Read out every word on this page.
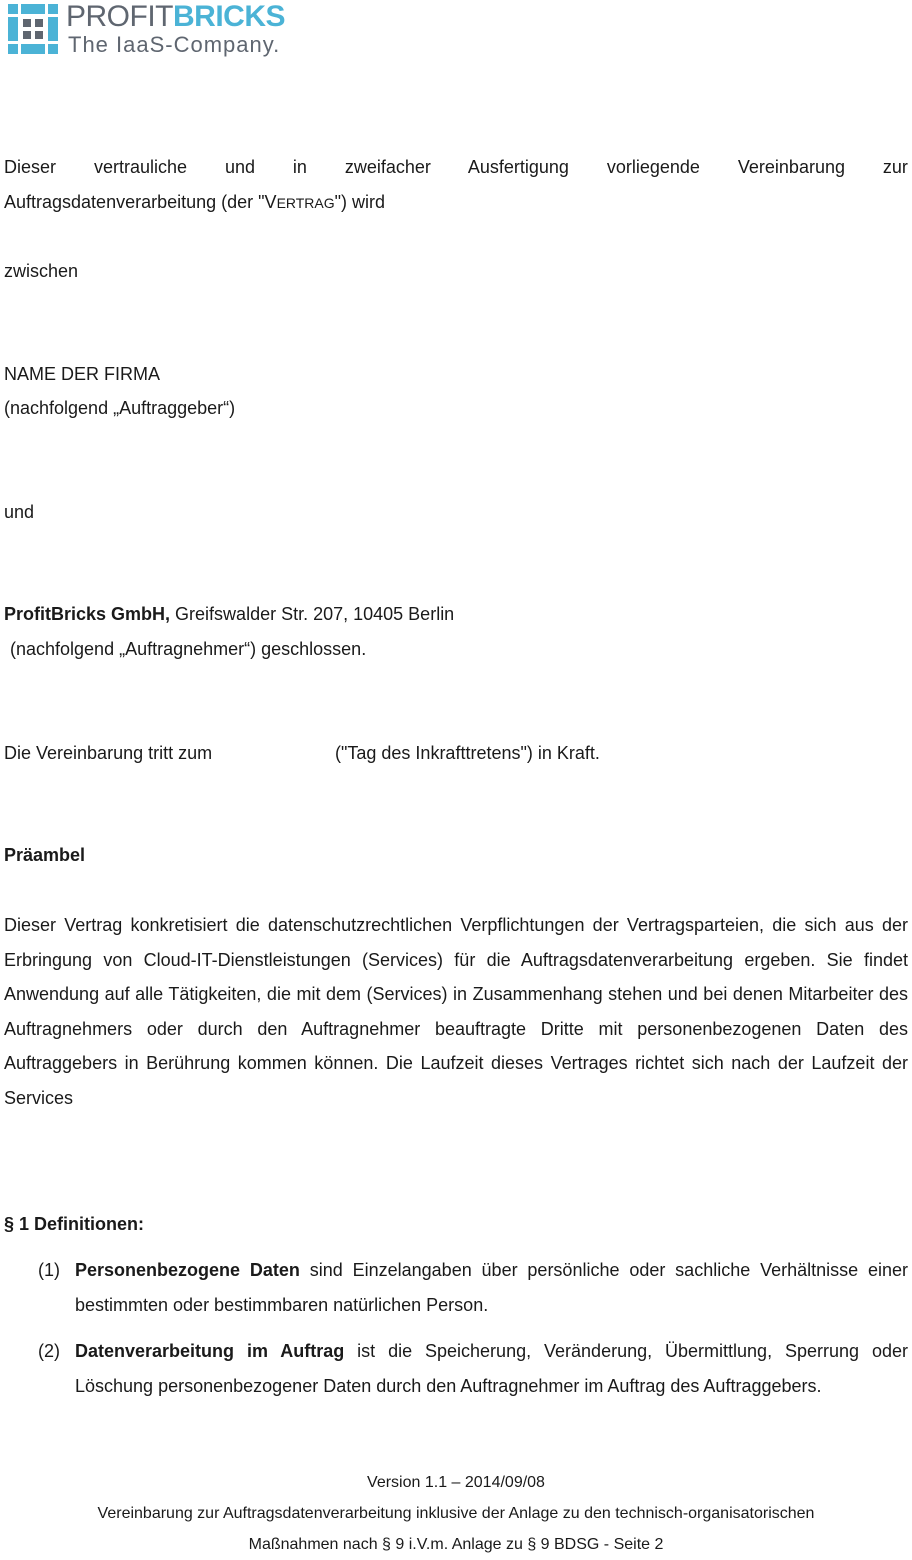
PROFITBRICKS
The IaaS-Company.
Dieser vertrauliche und in zweifacher Ausfertigung vorliegende Vereinbarung zur
Auftragsdatenverarbeitung (der "VERTRAG") wird
zwischen
NAME DER FIRMA
(nachfolgend „Auftraggeber“)
und
ProfitBricks GmbH, Greifswalder Str. 207, 10405 Berlin
(nachfolgend „Auftragnehmer“) geschlossen.
Die Vereinbarung tritt zum	("Tag des Inkrafttretens") in Kraft.
Präambel

Dieser Vertrag konkretisiert die datenschutzrechtlichen Verpflichtungen der Vertragsparteien, die sich aus der Erbringung von Cloud-IT-Dienstleistungen (Services) für die Auftragsdatenverarbeitung ergeben. Sie findet Anwendung auf alle Tätigkeiten, die mit dem (Services) in Zusammenhang stehen und bei denen Mitarbeiter des Auftragnehmers oder durch den Auftragnehmer beauftragte Dritte mit personenbezogenen Daten des Auftraggebers in Berührung kommen können. Die Laufzeit dieses Vertrages richtet sich nach der Laufzeit der Services

§ 1 Definitionen:
(1) Personenbezogene Daten sind Einzelangaben über persönliche oder sachliche Verhältnisse einer bestimmten oder bestimmbaren natürlichen Person.
(2) Datenverarbeitung im Auftrag ist die Speicherung, Veränderung, Übermittlung, Sperrung oder Löschung personenbezogener Daten durch den Auftragnehmer im Auftrag des Auftraggebers.
Version 1.1 – 2014/09/08
Vereinbarung zur Auftragsdatenverarbeitung inklusive der Anlage zu den technisch-organisatorischen
Maßnahmen nach § 9 i.V.m. Anlage zu § 9 BDSG - Seite 2
